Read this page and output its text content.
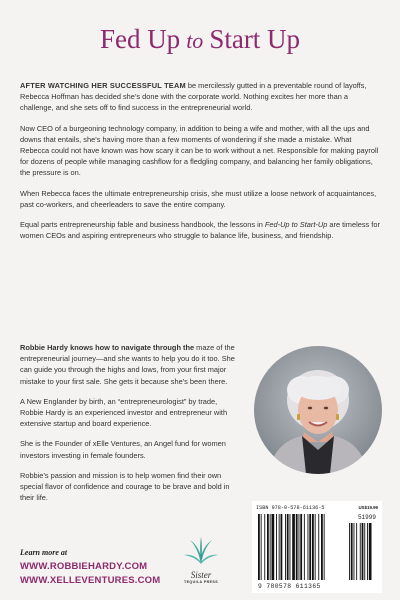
Fed Up to Start Up

AFTER WATCHING HER SUCCESSFUL TEAM be mercilessly gutted in a preventable round of layoffs, Rebecca Hoffman has decided she’s done with the corporate world. Nothing excites her more than a challenge, and she sets off to find success in the entrepreneurial world.

Now CEO of a burgeoning technology company, in addition to being a wife and mother, with all the ups and downs that entails, she’s having more than a few moments of wondering if she made a mistake. What Rebecca could not have known was how scary it can be to work without a net. Responsible for making payroll for dozens of people while managing cashflow for a fledgling company, and balancing her family obligations, the pressure is on.

When Rebecca faces the ultimate entrepreneurship crisis, she must utilize a loose network of acquaintances, past co-workers, and cheerleaders to save the entire company.

Equal parts entrepreneurship fable and business handbook, the lessons in Fed-Up to Start-Up are timeless for women CEOs and aspiring entrepreneurs who struggle to balance life, business, and friendship.

Robbie Hardy knows how to navigate through the maze of the entrepreneurial journey—and she wants to help you do it too. She can guide you through the highs and lows, from your first major mistake to your first sale. She gets it because she’s been there.

A New Englander by birth, an “entrepreneurologist” by trade, Robbie Hardy is an experienced investor and entrepreneur with extensive startup and board experience.

She is the Founder of xElle Ventures, an Angel fund for women investors investing in female founders.

Robbie’s passion and mission is to help women find their own special flavor of confidence and courage to be brave and bold in their life.

Learn more at
WWW.ROBBIEHARDY.COM
WWW.XELLEVENTURES.COM	Sister
TEQUILA PRESS
ISBN 978-0-578-61136-5	US$19.99
51999
9 780578 611365
